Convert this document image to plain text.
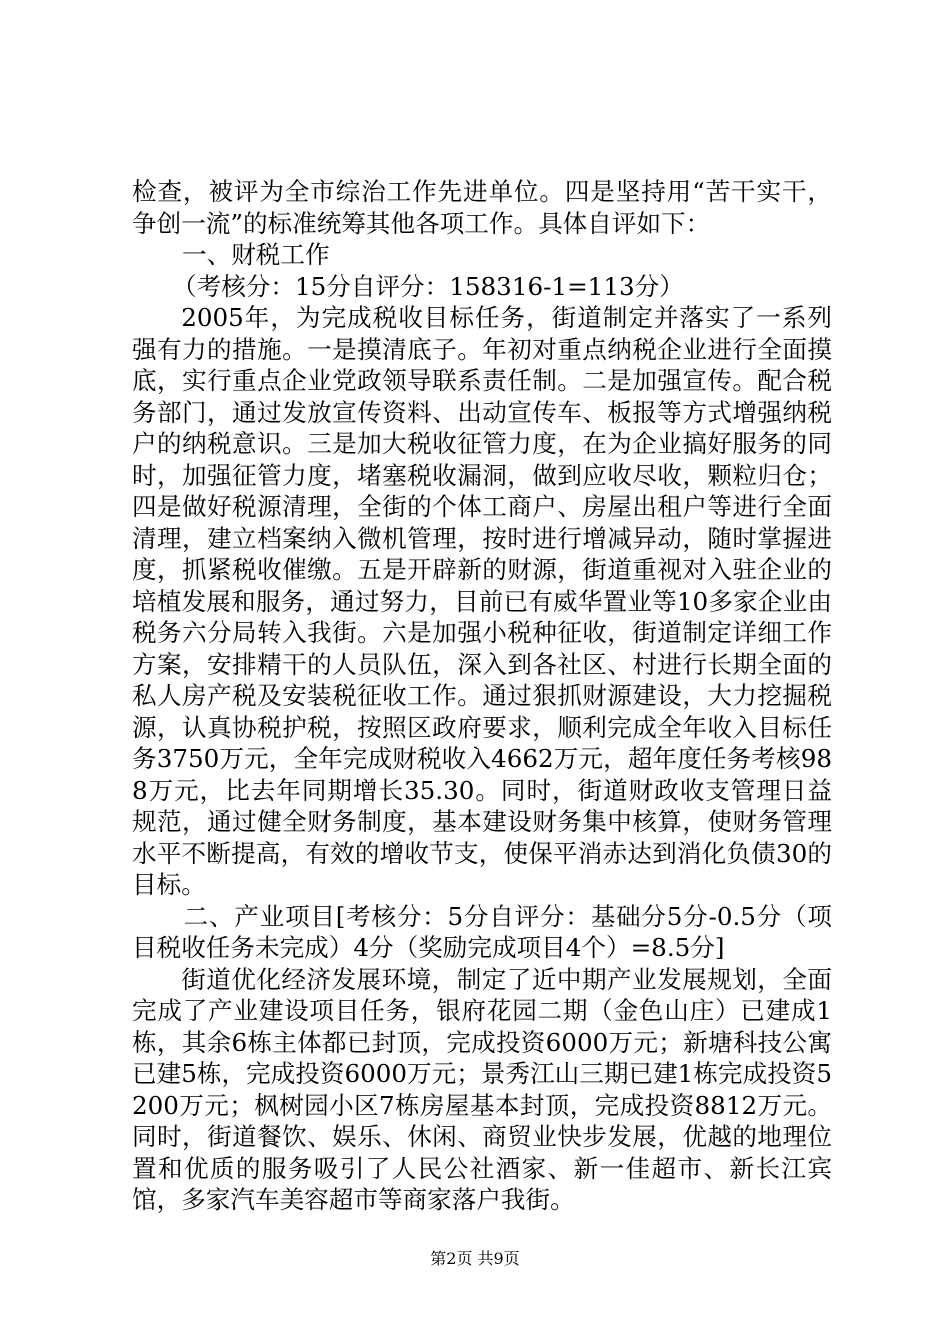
检查，被评为全市综治工作先进单位。四是坚持用“苦干实干，争创一流”的标准统筹其他各项工作。具体自评如下：

一、财税工作

（考核分：15分自评分：158316-1=113分）

2005年，为完成税收目标任务，街道制定并落实了一系列强有力的措施。一是摸清底子。年初对重点纳税企业进行全面摸底，实行重点企业党政领导联系责任制。二是加强宣传。配合税务部门，通过发放宣传资料、出动宣传车、板报等方式增强纳税户的纳税意识。三是加大税收征管力度，在为企业搞好服务的同时，加强征管力度，堵塞税收漏洞，做到应收尽收，颗粒归仓；四是做好税源清理，全街的个体工商户、房屋出租户等进行全面清理，建立档案纳入微机管理，按时进行增减异动，随时掌握进度，抓紧税收催缴。五是开辟新的财源，街道重视对入驻企业的培植发展和服务，通过努力，目前已有威华置业等10多家企业由税务六分局转入我街。六是加强小税种征收，街道制定详细工作方案，安排精干的人员队伍，深入到各社区、村进行长期全面的私人房产税及安装税征收工作。通过狠抓财源建设，大力挖掘税源，认真协税护税，按照区政府要求，顺利完成全年收入目标任务3750万元，全年完成财税收入4662万元，超年度任务考核988万元，比去年同期增长35.30。同时，街道财政收支管理日益规范，通过健全财务制度，基本建设财务集中核算，使财务管理水平不断提高，有效的增收节支，使保平消赤达到消化负债30的目标。

二、产业项目[考核分：5分自评分：基础分5分-0.5分（项目税收任务未完成）4分（奖励完成项目4个）=8.5分]

街道优化经济发展环境，制定了近中期产业发展规划，全面完成了产业建设项目任务，银府花园二期（金色山庄）已建成1栋，其余6栋主体都已封顶，完成投资6000万元；新塘科技公寓已建5栋，完成投资6000万元；景秀江山三期已建1栋完成投资5200万元；枫树园小区7栋房屋基本封顶，完成投资8812万元。同时，街道餐饮、娱乐、休闲、商贸业快步发展，优越的地理位置和优质的服务吸引了人民公社酒家、新一佳超市、新长江宾馆，多家汽车美容超市等商家落户我街。

第2页 共9页
